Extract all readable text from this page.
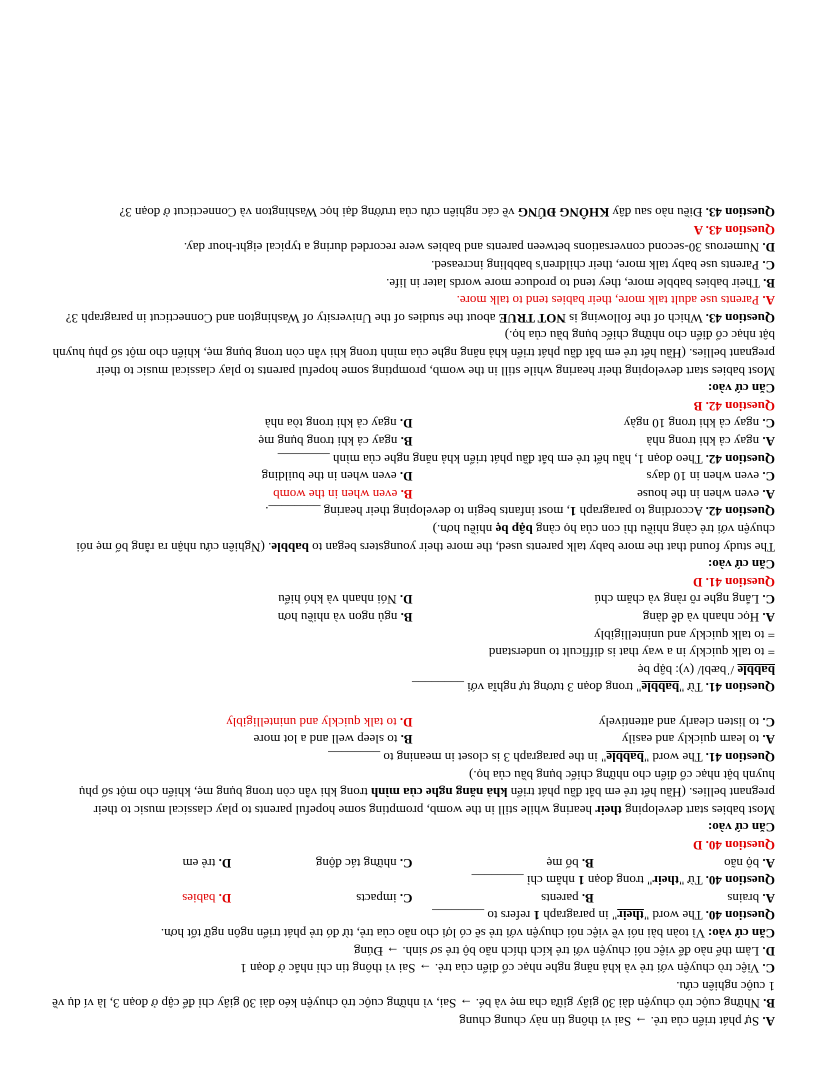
A. Sự phát triển của trẻ. → Sai vì thông tin này chung chung

B. Những cuộc trò chuyện dài 30 giây giữa cha mẹ và bé. → Sai, vì những cuộc trò chuyện kéo dài 30 giây chỉ để cập ở đoạn 3, là ví dụ về 1 cuộc nghiên cứu.

C. Việc trò chuyện với trẻ và khả năng nghe nhạc cổ điển của trẻ. → Sai vì thông tin chỉ nhắc ở đoạn 1

D. Làm thế nào để việc nói chuyện với trẻ kích thích não bộ trẻ sơ sinh. → Đúng

Căn cứ vào: Vì toàn bài nói về việc nói chuyện với trẻ sẽ có lợi cho não của trẻ, từ đó trẻ phát triển ngôn ngữ tốt hơn.

Question 40. The word "their" in paragraph 1 refers to ________

A. brains
B. parents
C. impacts
D. babies

Question 40. Từ "their" trong đoạn 1 nhằm chỉ ________

A. bộ não
B. bố mẹ
C. những tác động
D. trẻ em

Question 40. D

Căn cứ vào:

Most babies start developing their hearing while still in the womb, prompting some hopeful parents to play classical music to their pregnant bellies. (Hầu hết trẻ em bắt đầu phát triển khả năng nghe của mình trong khi vẫn còn trong bụng mẹ, khiến cho một số phụ huynh bật nhạc cổ điển cho những chiếc bụng bầu của họ.)

Question 41. The word "babble" in the paragraph 3 is closet in meaning to ________

A. to learn quickly and easily
B. to sleep well and a lot more
C. to listen clearly and attentively
D. to talk quickly and unintelligibly

Question 41. Từ "babble" trong đoạn 3 tương tự nghĩa với ________

babble /ˈbæbl/ (v): bập bẹ

= to talk quickly in a way that is difficult to understand

= to talk quickly and unintelligibly

A. Học nhanh và dễ dàng
B. ngủ ngon và nhiều hơn
C. Lắng nghe rõ ràng và chăm chú
D. Nói nhanh và khó hiểu

Question 41. D

Căn cứ vào:

The study found that the more baby talk parents used, the more their youngsters began to babble. (Nghiên cứu nhận ra rằng bố mẹ nói chuyện với trẻ càng nhiều thì con của họ càng bập bẹ nhiều hơn.)

Question 42. According to paragraph 1, most infants begin to developing their hearing ________.

A. even when in the house
B. even when in the womb
C. even when in 10 days
D. even when in the building

Question 42. Theo đoạn 1, hầu hết trẻ em bắt đầu phát triển khả năng nghe của mình ________

A. ngay cả khi trong nhà
B. ngay cả khi trong bụng mẹ
C. ngay cả khi trong 10 ngày
D. ngay cả khi trong tòa nhà

Question 42. B

Căn cứ vào:

Most babies start developing their hearing while still in the womb, prompting some hopeful parents to play classical music to their pregnant bellies. (Hầu hết trẻ em bắt đầu phát triển khả năng nghe của mình trong khi vẫn còn trong bụng mẹ, khiến cho một số phụ huynh bật nhạc cổ điển cho những chiếc bụng bầu của họ.)

Question 43. Which of the following is NOT TRUE about the studies of the University of Washington and Connecticut in paragraph 3?

A. Parents use adult talk more, their babies tend to talk more.

B. Their babies babble more, they tend to produce more words later in life.

C. Parents use baby talk more, their children's babbling increased.

D. Numerous 30-second conversations between parents and babies were recorded during a typical eight-hour day.

Question 43. A

Question 43. Điều nào sau đây KHÔNG ĐÚNG về các nghiên cứu của trường đại học Washington và Connecticut ở đoạn 3?
